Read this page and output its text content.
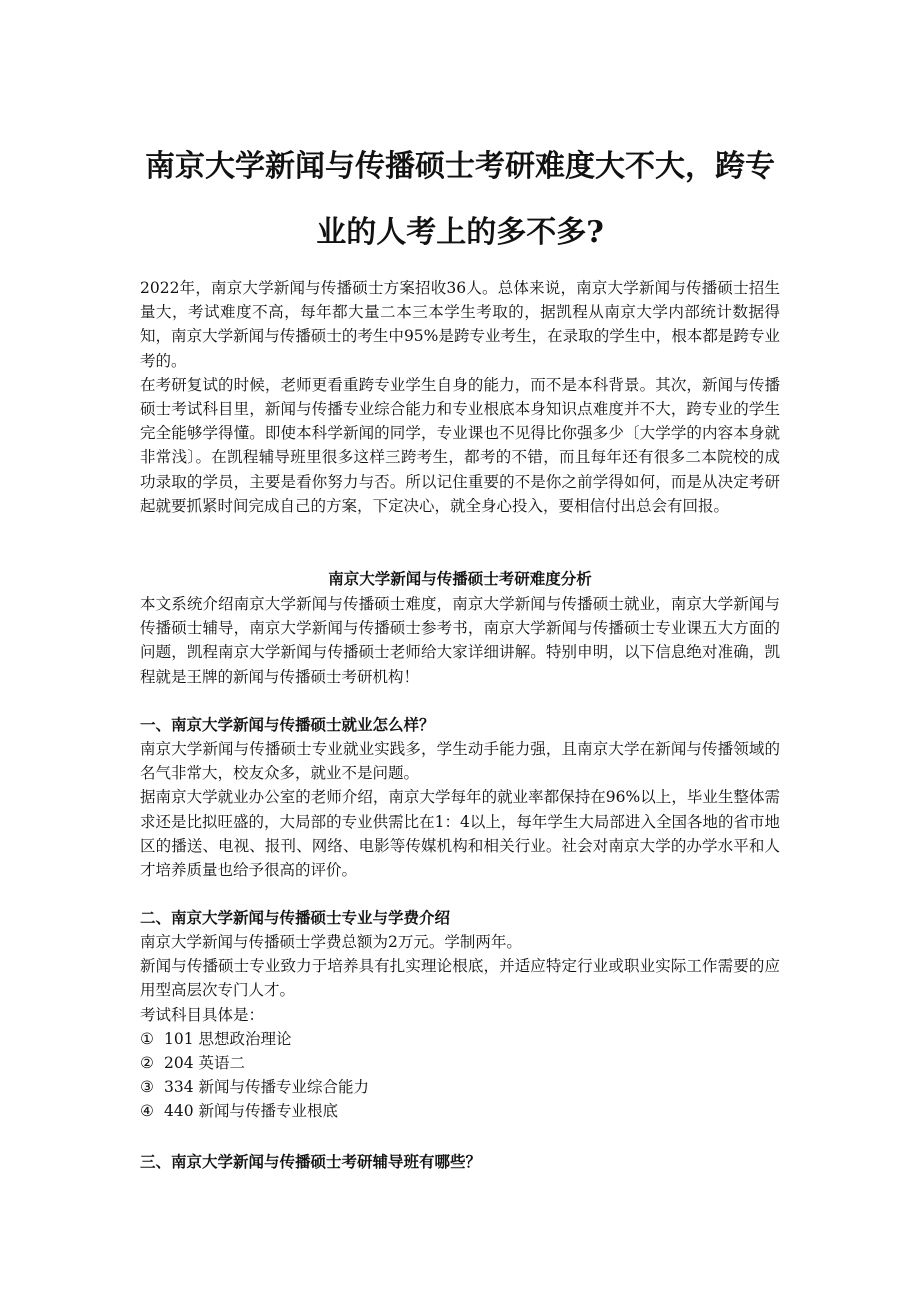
南京大学新闻与传播硕士考研难度大不大，跨专业的人考上的多不多?

2022年，南京大学新闻与传播硕士方案招收36人。总体来说，南京大学新闻与传播硕士招生量大，考试难度不高，每年都大量二本三本学生考取的，据凯程从南京大学内部统计数据得知，南京大学新闻与传播硕士的考生中95%是跨专业考生，在录取的学生中，根本都是跨专业考的。

在考研复试的时候，老师更看重跨专业学生自身的能力，而不是本科背景。其次，新闻与传播硕士考试科目里，新闻与传播专业综合能力和专业根底本身知识点难度并不大，跨专业的学生完全能够学得懂。即使本科学新闻的同学，专业课也不见得比你强多少〔大学学的内容本身就非常浅〕。在凯程辅导班里很多这样三跨考生，都考的不错，而且每年还有很多二本院校的成功录取的学员，主要是看你努力与否。所以记住重要的不是你之前学得如何，而是从决定考研起就要抓紧时间完成自己的方案，下定决心，就全身心投入，要相信付出总会有回报。

南京大学新闻与传播硕士考研难度分析

本文系统介绍南京大学新闻与传播硕士难度，南京大学新闻与传播硕士就业，南京大学新闻与传播硕士辅导，南京大学新闻与传播硕士参考书，南京大学新闻与传播硕士专业课五大方面的问题，凯程南京大学新闻与传播硕士老师给大家详细讲解。特别申明，以下信息绝对准确，凯程就是王牌的新闻与传播硕士考研机构！

一、南京大学新闻与传播硕士就业怎么样？

南京大学新闻与传播硕士专业就业实践多，学生动手能力强，且南京大学在新闻与传播领域的名气非常大，校友众多，就业不是问题。

据南京大学就业办公室的老师介绍，南京大学每年的就业率都保持在96%以上，毕业生整体需求还是比拟旺盛的，大局部的专业供需比在1：4以上，每年学生大局部进入全国各地的省市地区的播送、电视、报刊、网络、电影等传媒机构和相关行业。社会对南京大学的办学水平和人才培养质量也给予很高的评价。

二、南京大学新闻与传播硕士专业与学费介绍

南京大学新闻与传播硕士学费总额为2万元。学制两年。

新闻与传播硕士专业致力于培养具有扎实理论根底，并适应特定行业或职业实际工作需要的应用型高层次专门人才。

考试科目具体是：

① 101 思想政治理论
② 204 英语二
③ 334 新闻与传播专业综合能力
④ 440 新闻与传播专业根底
三、南京大学新闻与传播硕士考研辅导班有哪些？
